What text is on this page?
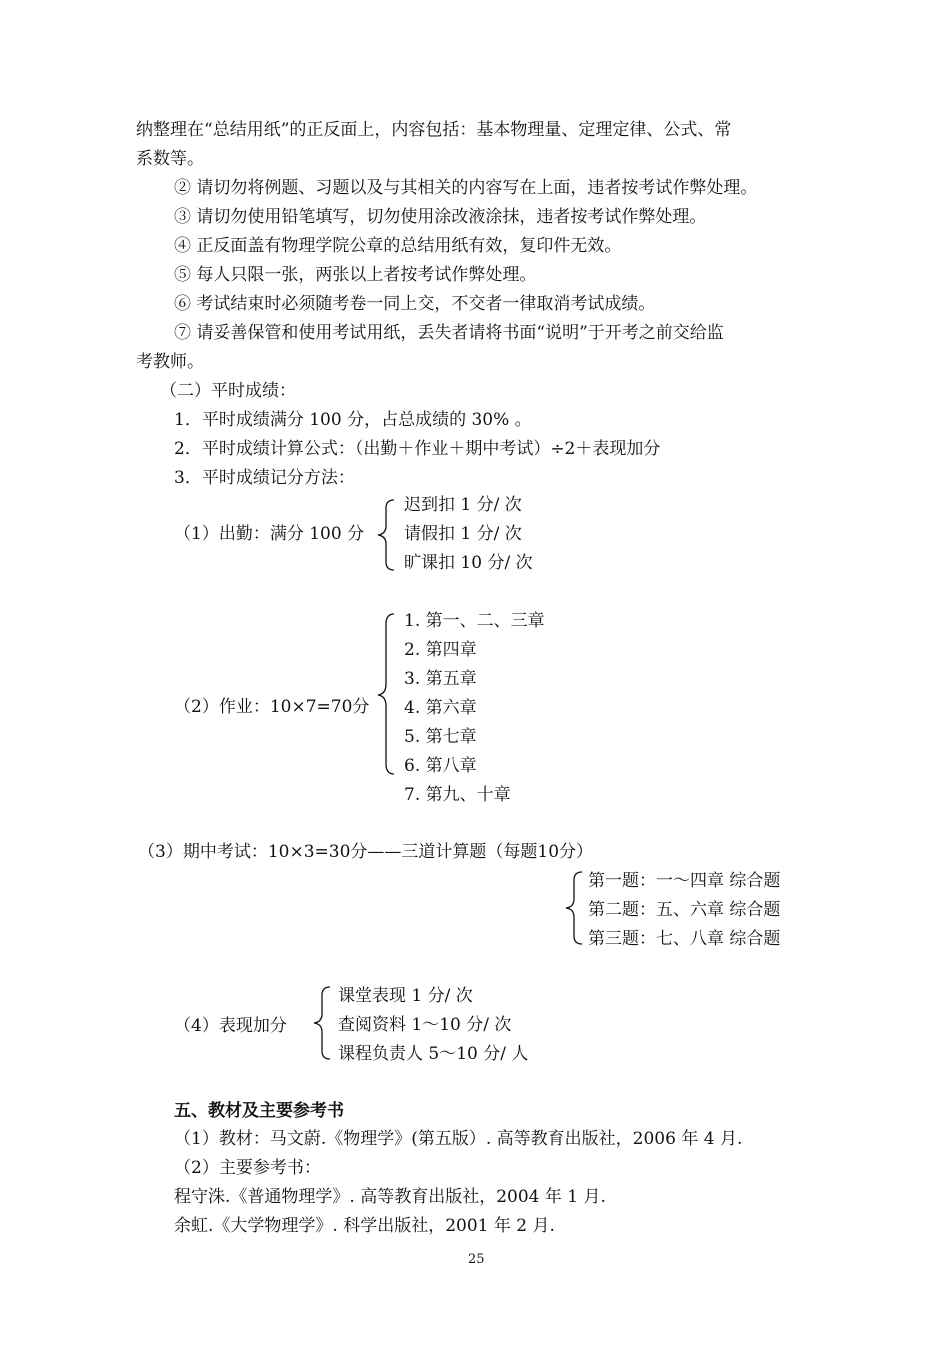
纳整理在“总结用纸”的正反面上，内容包括：基本物理量、定理定律、公式、常
系数等。
② 请切勿将例题、习题以及与其相关的内容写在上面，违者按考试作弊处理。
③ 请切勿使用铅笔填写，切勿使用涂改液涂抹，违者按考试作弊处理。
④ 正反面盖有物理学院公章的总结用纸有效，复印件无效。
⑤ 每人只限一张，两张以上者按考试作弊处理。
⑥ 考试结束时必须随考卷一同上交，不交者一律取消考试成绩。
⑦ 请妥善保管和使用考试用纸，丢失者请将书面“说明”于开考之前交给监
考教师。
（二）平时成绩：
1．平时成绩满分 100 分，占总成绩的 30% 。
2．平时成绩计算公式：（出勤＋作业＋期中考试）÷2＋表现加分
3．平时成绩记分方法：
（1）出勤：满分 100 分
迟到扣 1 分/ 次
请假扣 1 分/ 次
旷课扣 10 分/ 次
（2）作业：10×7=70分
1. 第一、二、三章
2. 第四章
3. 第五章
4. 第六章
5. 第七章
6. 第八章
7. 第九、十章
（3）期中考试：10×3=30分——三道计算题（每题10分）
第一题：一～四章 综合题
第二题：五、六章 综合题
第三题：七、八章 综合题
（4）表现加分
课堂表现 1 分/ 次
查阅资料 1～10 分/ 次
课程负责人 5～10 分/ 人
五、教材及主要参考书
（1）教材：马文蔚.《物理学》(第五版）. 高等教育出版社，2006 年 4 月.
（2）主要参考书：
程守洙.《普通物理学》. 高等教育出版社，2004 年 1 月.
余虹.《大学物理学》. 科学出版社，2001 年 2 月.
25
